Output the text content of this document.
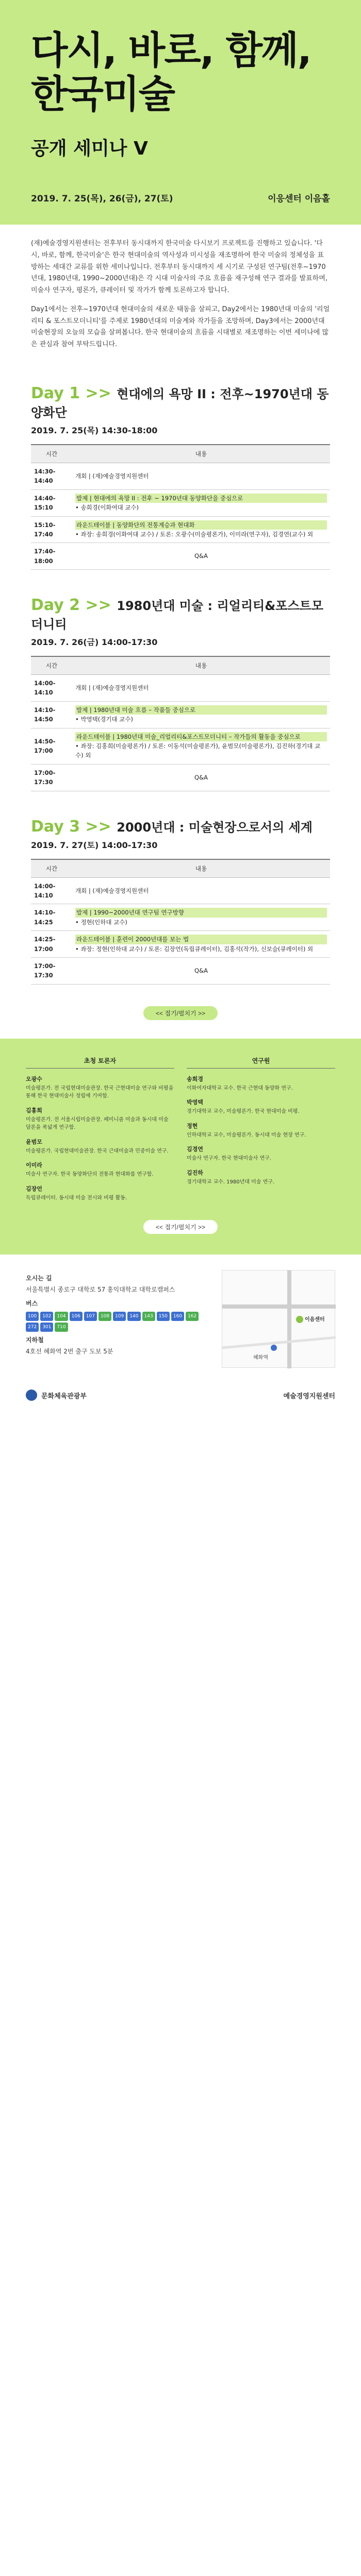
다시, 바로, 함께,
한국미술
공개 세미나 V
2019. 7. 25(목), 26(금), 27(토)	이응센터 이음홀

(재)예술경영지원센터는 전후부터 동시대까지 한국미술 다시보기 프로젝트를 진행하고 있습니다. '다시, 바로, 함께, 한국미술'은 한국 현대미술의 역사성과 미시성을 재조명하여 한국 미술의 정체성을 표방하는 세대간 교류를 위한 세미나입니다. 전후부터 동시대까지 세 시기로 구성된 연구팀(전후~1970년대, 1980년대, 1990~2000년대)은 각 시대 미술사의 주요 흐름을 재구성해 연구 결과를 발표하며, 미술사 연구자, 평론가, 큐레이터 및 작가가 함께 토론하고자 합니다.

Day1에서는 전후~1970년대 현대미술의 새로운 태동을 살피고, Day2에서는 1980년대 미술의 '리얼리티 & 포스트모더니티'를 주제로 1980년대의 미술계와 작가들을 조망하며, Day3에서는 2000년대 미술현장의 오늘의 모습을 살펴봅니다. 한국 현대미술의 흐름을 시대별로 재조명하는 이번 세미나에 많은 관심과 참여 부탁드립니다.

Day 1 >> 현대에의 욕망 II : 전후~1970년대 동양화단
2019. 7. 25(목) 14:30-18:00
시간	내용
14:30-14:40	개회 | (재)예술경영지원센터
14:40-15:10	발제 | 현대에의 욕망 II : 전후 ~ 1970년대 동양화단을 중심으로
• 송희경(이화여대 교수)

15:10-17:40	라운드테이블 | 동양화단의 전통계승과 현대화
• 좌장: 송희경(이화여대 교수) / 토론: 오광수(미술평론가), 이미라(연구자), 김경연(교수) 외

17:40-18:00	Q&A
Day 2 >> 1980년대 미술 : 리얼리티&포스트모더니티
2019. 7. 26(금) 14:00-17:30
시간	내용
14:00-14:10	개회 | (재)예술경영지원센터
14:10-14:50	발제 | 1980년대 미술 흐름 – 작품들 중심으로
• 박영택(경기대 교수)

14:50-17:00	라운드테이블 | 1980년대 미술_리얼리티&포스트모더니티 – 작가들의 활동을 중심으로
• 좌장: 김홍희(미술평론가) / 토론: 이동석(미술평론가), 윤범모(미술평론가), 김진하(경기대 교수) 외

17:00-17:30	Q&A
Day 3 >> 2000년대 : 미술현장으로서의 세계
2019. 7. 27(토) 14:00-17:30
시간	내용
14:00-14:10	개회 | (재)예술경영지원센터
14:10-14:25	발제 | 1990~2000년대 연구팀 연구방향
• 정현(인하대 교수)

14:25-17:00	라운드테이블 | 훈련이 2000년대를 보는 법
• 좌장: 정현(인하대 교수) / 토론: 김장언(독립큐레이터), 김홍석(작가), 신보슬(큐레이터) 외

17:00-17:30	Q&A
<< 접기/펼치기 >>
초청 토론자
오광수
미술평론가. 전 국립현대미술관장. 한국 근현대미술 연구와 비평을 통해 한국 현대미술사 정립에 기여함.
김홍희
미술평론가. 전 서울시립미술관장. 페미니즘 미술과 동시대 미술 담론을 폭넓게 연구함.
윤범모
미술평론가. 국립현대미술관장. 한국 근대미술과 민중미술 연구.
이미라
미술사 연구자. 한국 동양화단의 전통과 현대화를 연구함.
김장언
독립큐레이터. 동시대 미술 전시와 비평 활동.
연구원
송희경
이화여자대학교 교수. 한국 근현대 동양화 연구.
박영택
경기대학교 교수, 미술평론가. 한국 현대미술 비평.
정현
인하대학교 교수, 미술평론가. 동시대 미술 현장 연구.
김경연
미술사 연구자. 한국 현대미술사 연구.
김진하
경기대학교 교수. 1980년대 미술 연구.
<< 접기/펼치기 >>
오시는 길
서울특별시 종로구 대학로 57 홍익대학교 대학로캠퍼스
버스
100	102	104	106	107	108	109	140	143	150	160	162
272	301	710
지하철
4호선 혜화역 2번 출구 도보 5분
이음센터
혜화역
문화체육관광부	예술경영지원센터
